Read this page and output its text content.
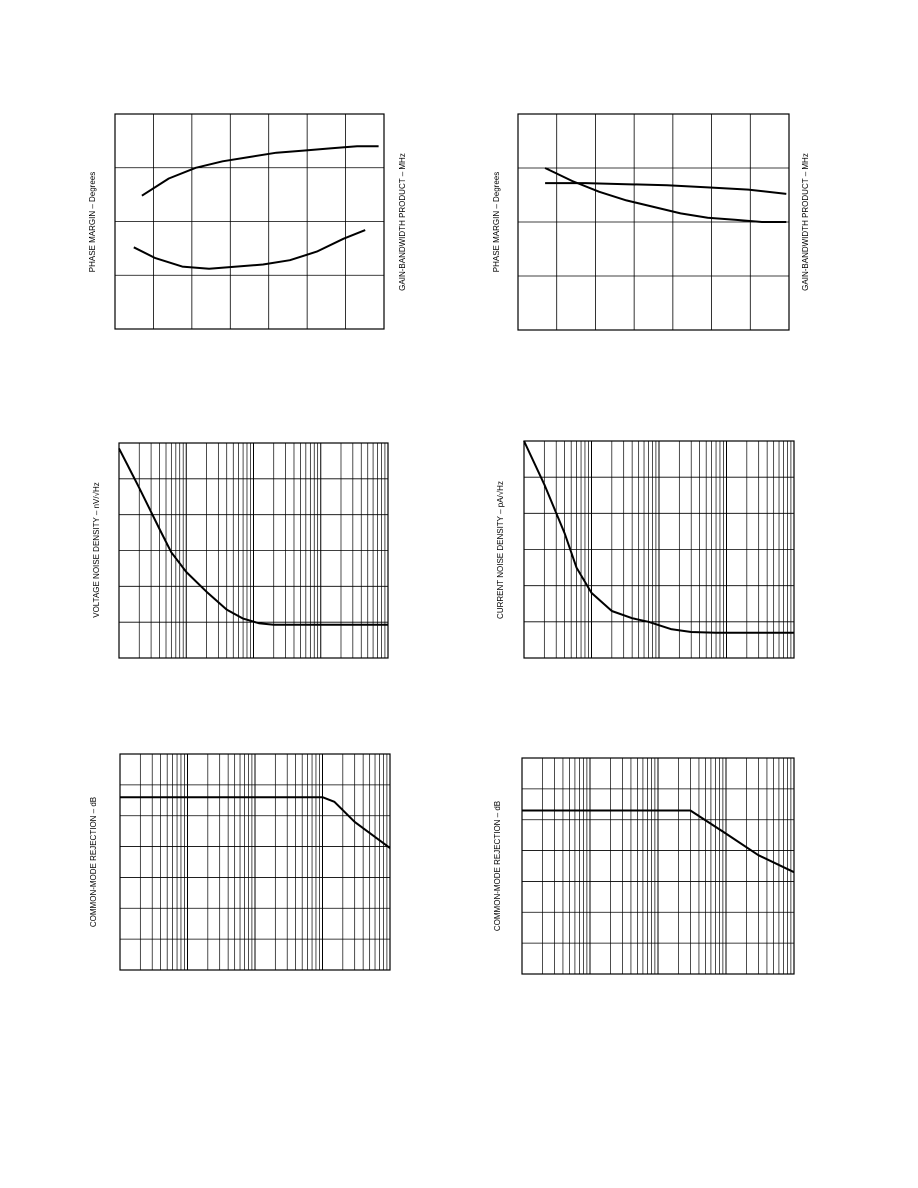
PHASE MARGIN – Degrees	GAIN-BANDWIDTH PRODUCT – MHz	PHASE MARGIN – Degrees	GAIN-BANDWIDTH PRODUCT – MHz
VOLTAGE NOISE DENSITY – nV/√Hz	CURRENT NOISE DENSITY – pA/√Hz
COMMON-MODE REJECTION – dB	COMMON-MODE REJECTION – dB
